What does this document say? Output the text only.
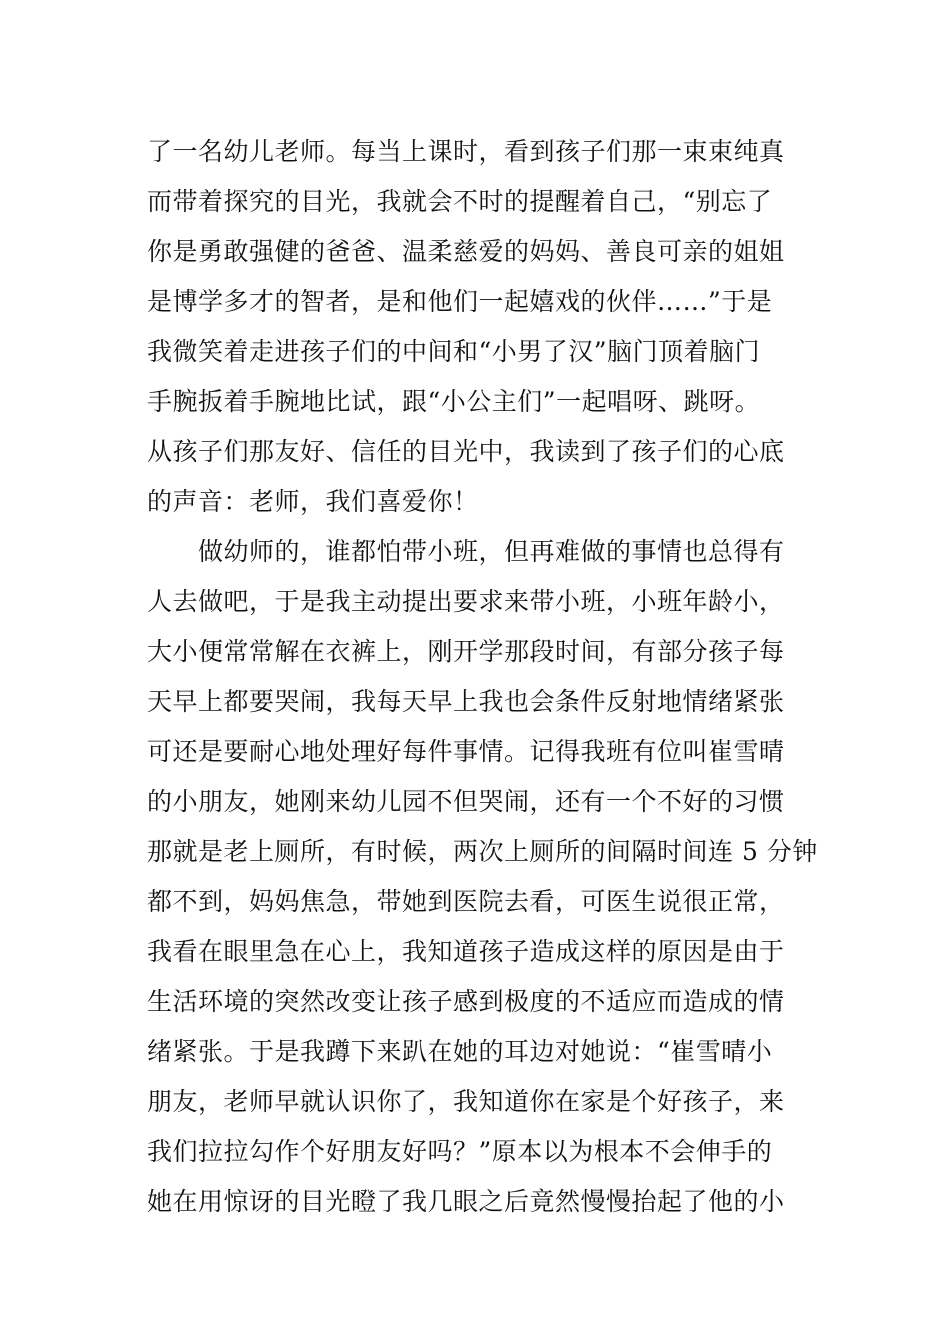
了一名幼儿老师。每当上课时，看到孩子们那一束束纯真
而带着探究的目光，我就会不时的提醒着自己，“别忘了
你是勇敢强健的爸爸、温柔慈爱的妈妈、善良可亲的姐姐
是博学多才的智者，是和他们一起嬉戏的伙伴……”于是
我微笑着走进孩子们的中间和“小男了汉”脑门顶着脑门
手腕扳着手腕地比试，跟“小公主们”一起唱呀、跳呀。
从孩子们那友好、信任的目光中，我读到了孩子们的心底
的声音：老师，我们喜爱你！
　　做幼师的，谁都怕带小班，但再难做的事情也总得有
人去做吧，于是我主动提出要求来带小班，小班年龄小，
大小便常常解在衣裤上，刚开学那段时间，有部分孩子每
天早上都要哭闹，我每天早上我也会条件反射地情绪紧张
可还是要耐心地处理好每件事情。记得我班有位叫崔雪晴
的小朋友，她刚来幼儿园不但哭闹，还有一个不好的习惯
那就是老上厕所，有时候，两次上厕所的间隔时间连 5 分钟
都不到，妈妈焦急，带她到医院去看，可医生说很正常，
我看在眼里急在心上，我知道孩子造成这样的原因是由于
生活环境的突然改变让孩子感到极度的不适应而造成的情
绪紧张。于是我蹲下来趴在她的耳边对她说：“崔雪晴小
朋友，老师早就认识你了，我知道你在家是个好孩子，来
我们拉拉勾作个好朋友好吗？”原本以为根本不会伸手的
她在用惊讶的目光瞪了我几眼之后竟然慢慢抬起了他的小
